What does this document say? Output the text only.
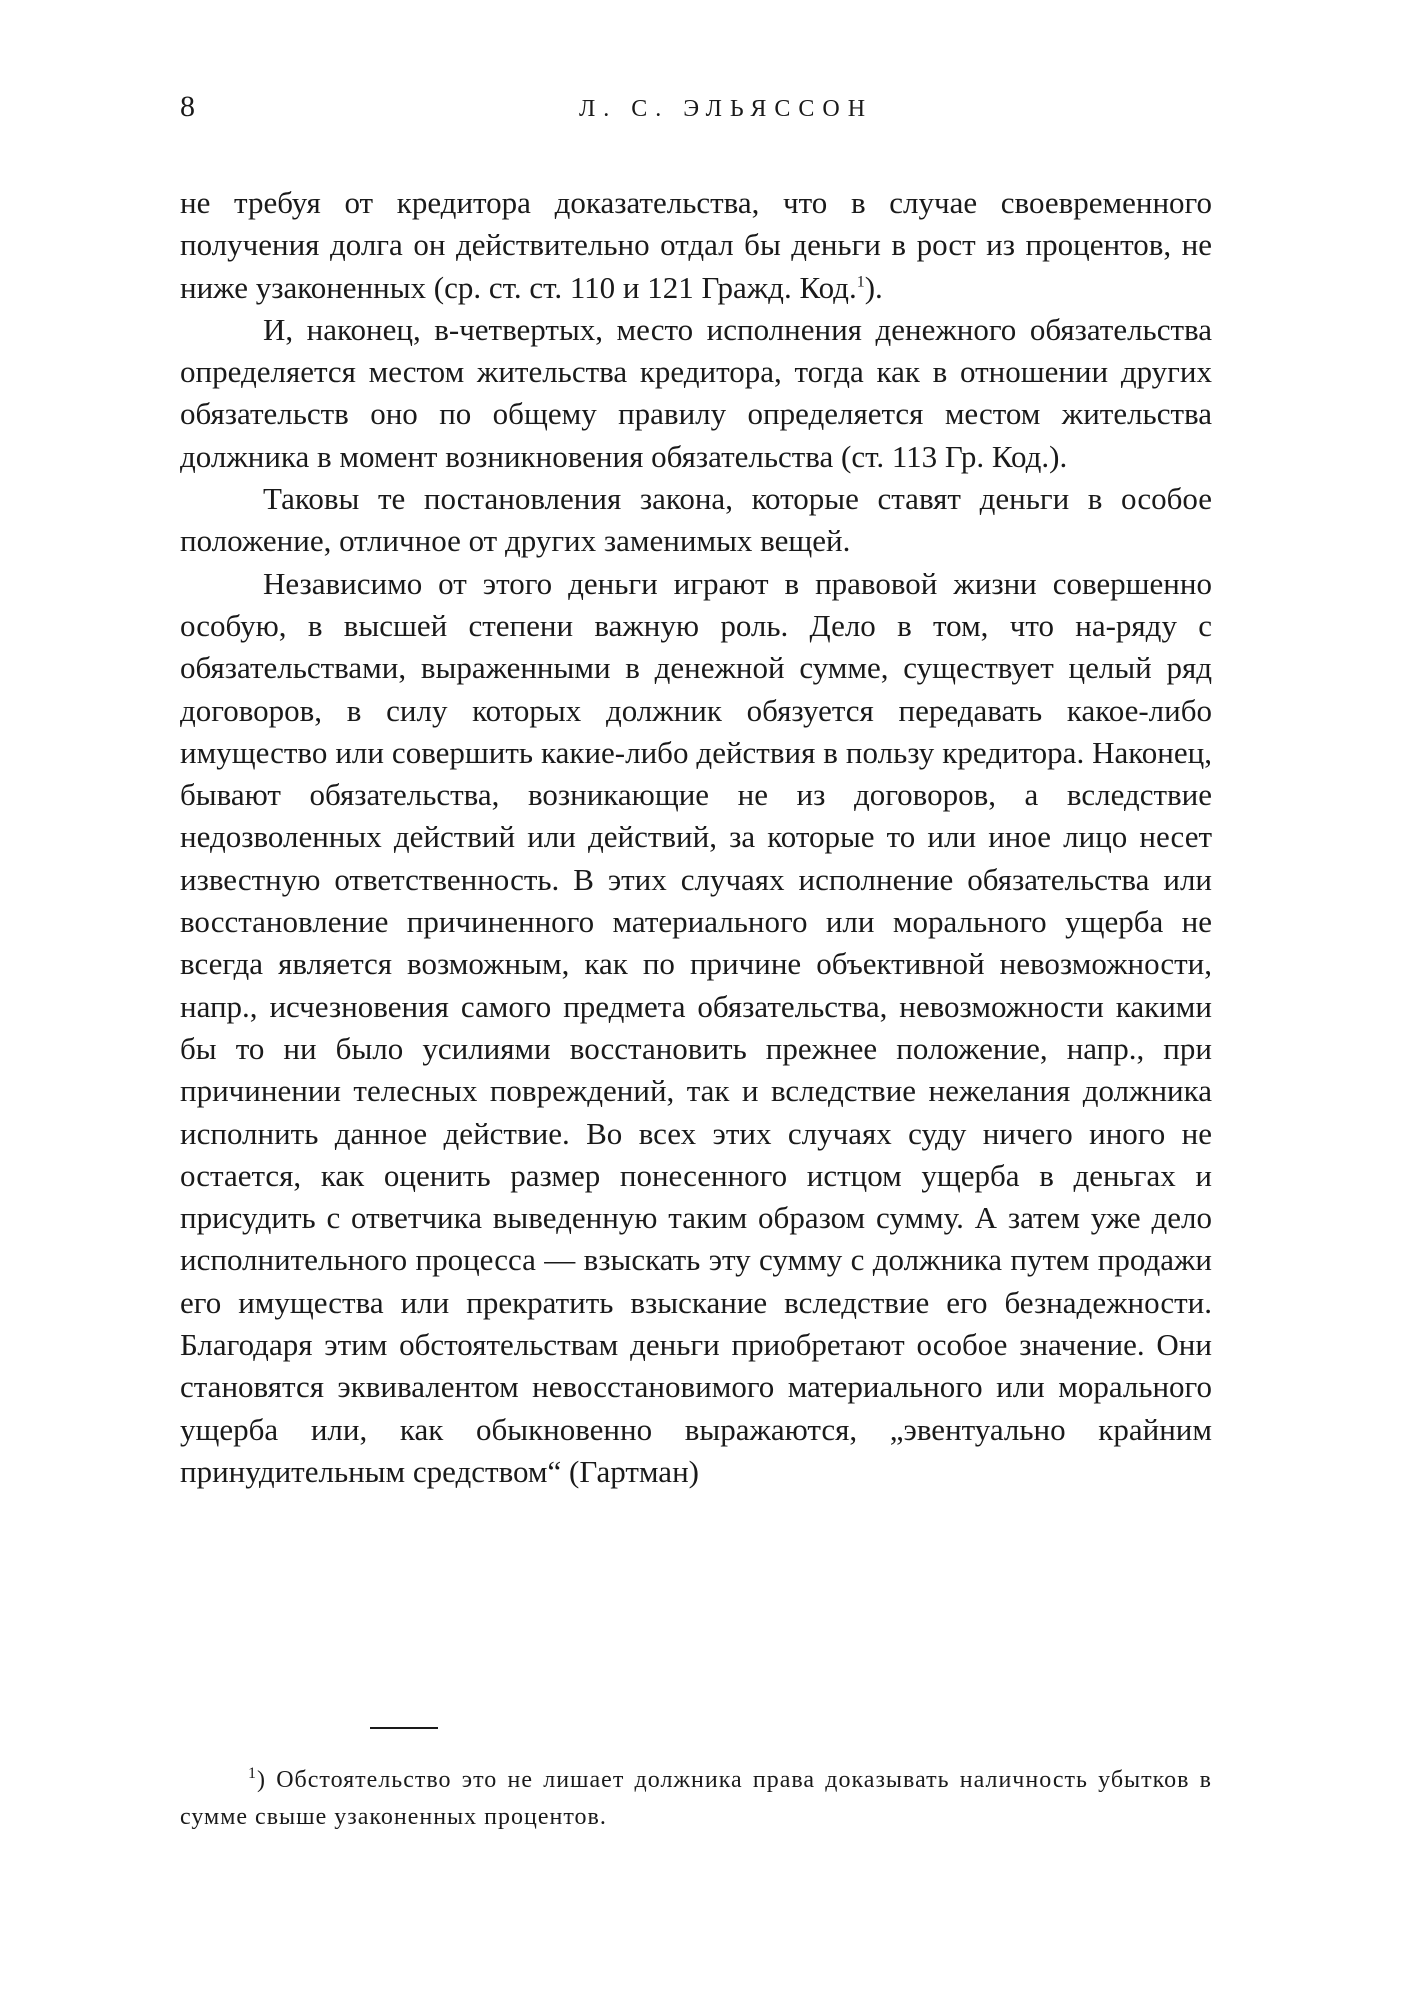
8	Л. С. ЭЛЬЯССОН

не требуя от кредитора доказательства, что в случае своевременного получения долга он действительно отдал бы деньги в рост из процентов, не ниже узаконенных (ср. ст. ст. 110 и 121 Гражд. Код.$^1$).

И, наконец, в-четвертых, место исполнения денежного обязательства определяется местом жительства кредитора, тогда как в отношении других обязательств оно по общему правилу определяется местом жительства должника в момент возникновения обязательства (ст. 113 Гр. Код.).

Таковы те постановления закона, которые ставят деньги в особое положение, отличное от других заменимых вещей.

Независимо от этого деньги играют в правовой жизни совершенно особую, в высшей степени важную роль. Дело в том, что на-ряду с обязательствами, выраженными в денежной сумме, существует целый ряд договоров, в силу которых должник обязуется передавать какое-либо имущество или совершить какие-либо действия в пользу кредитора. Наконец, бывают обязательства, возникающие не из договоров, а вследствие недозволенных действий или действий, за которые то или иное лицо несет известную ответственность. В этих случаях исполнение обязательства или восстановление причиненного материального или морального ущерба не всегда является возможным, как по причине объективной невозможности, напр., исчезновения самого предмета обязательства, невозможности какими бы то ни было усилиями восстановить прежнее положение, напр., при причинении телесных повреждений, так и вследствие нежелания должника исполнить данное действие. Во всех этих случаях суду ничего иного не остается, как оценить размер понесенного истцом ущерба в деньгах и присудить с ответчика выведенную таким образом сумму. А затем уже дело исполнительного процесса — взыскать эту сумму с должника путем продажи его имущества или прекратить взыскание вследствие его безнадежности. Благодаря этим обстоятельствам деньги приобретают особое значение. Они становятся эквивалентом невосстановимого материального или морального ущерба или, как обыкновенно выражаются, „эвентуально крайним принудительным средством“ (Гартман)

$^1$) Обстоятельство это не лишает должника права доказывать наличность убытков в сумме свыше узаконенных процентов.
